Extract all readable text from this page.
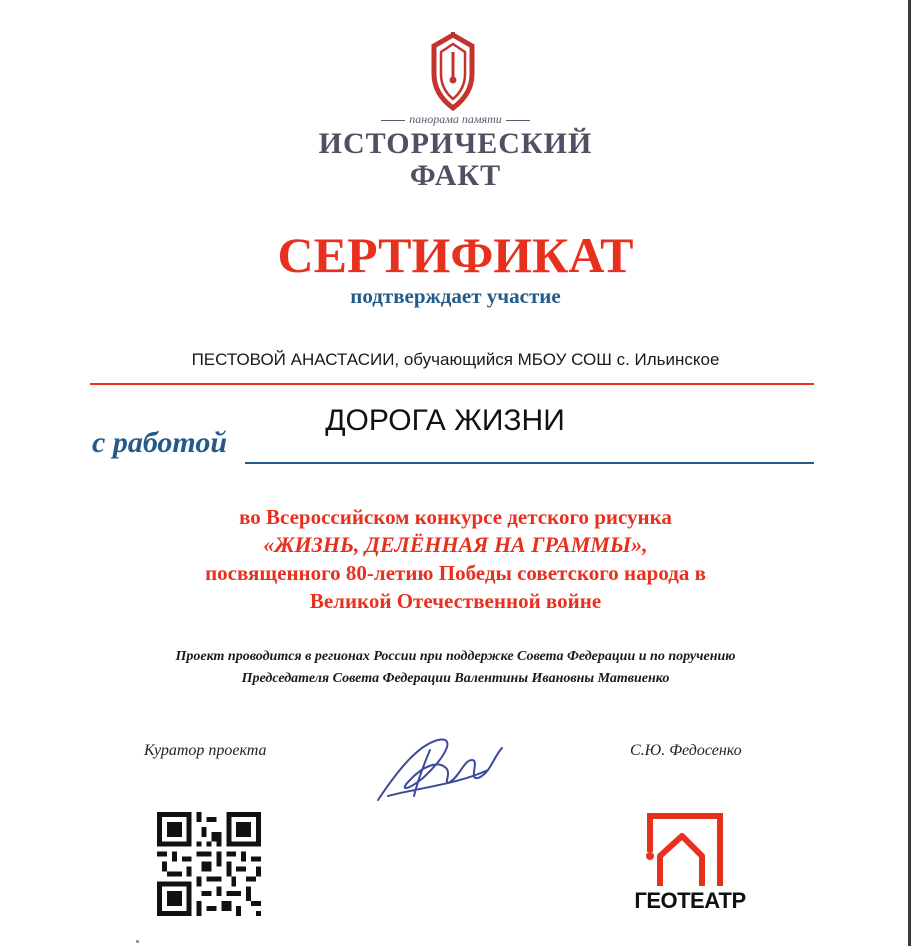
панорама памяти
ИСТОРИЧЕСКИЙ
ФАКТ
СЕРТИФИКАТ
подтверждает участие
ПЕСТОВОЙ АНАСТАСИИ, обучающийся МБОУ СОШ с. Ильинское
с работой
ДОРОГА ЖИЗНИ
во Всероссийском конкурсе детского рисунка
«ЖИЗНЬ, ДЕЛЁННАЯ НА ГРАММЫ»,
посвященного 80-летию Победы советского народа в
Великой Отечественной войне
Проект проводится в регионах России при поддержке Совета Федерации и по поручению
Председателя Совета Федерации Валентины Ивановны Матвиенко
Куратор проекта	С.Ю. Федосенко
ГЕОТЕАТР
